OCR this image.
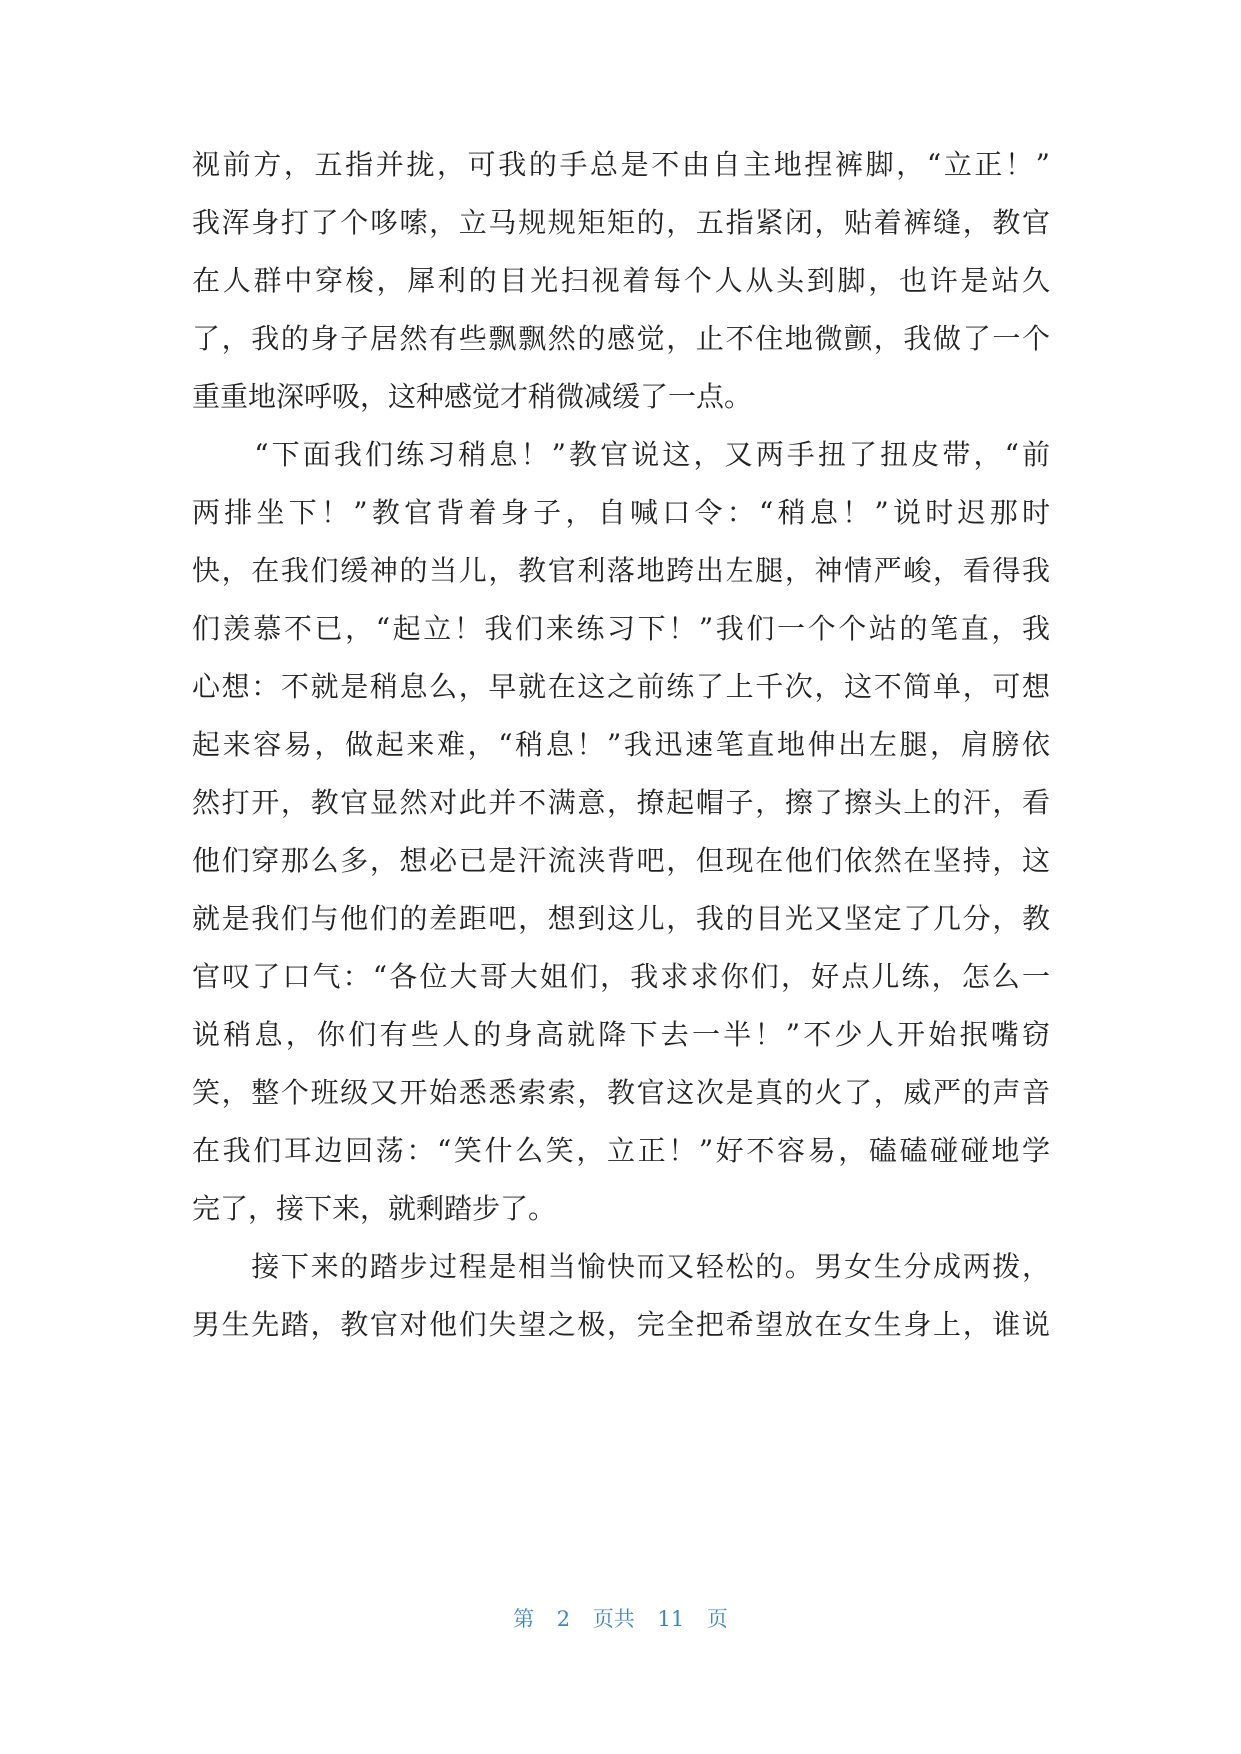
视前方，五指并拢，可我的手总是不由自主地捏裤脚，“立正！”
我浑身打了个哆嗦，立马规规矩矩的，五指紧闭，贴着裤缝，教官
在人群中穿梭，犀利的目光扫视着每个人从头到脚，也许是站久
了，我的身子居然有些飘飘然的感觉，止不住地微颤，我做了一个
重重地深呼吸，这种感觉才稍微减缓了一点。
　　“下面我们练习稍息！”教官说这，又两手扭了扭皮带，“前
两排坐下！”教官背着身子，自喊口令：“稍息！”说时迟那时
快，在我们缓神的当儿，教官利落地跨出左腿，神情严峻，看得我
们羡慕不已，“起立！我们来练习下！”我们一个个站的笔直，我
心想：不就是稍息么，早就在这之前练了上千次，这不简单，可想
起来容易，做起来难，“稍息！”我迅速笔直地伸出左腿，肩膀依
然打开，教官显然对此并不满意，撩起帽子，擦了擦头上的汗，看
他们穿那么多，想必已是汗流浃背吧，但现在他们依然在坚持，这
就是我们与他们的差距吧，想到这儿，我的目光又坚定了几分，教
官叹了口气：“各位大哥大姐们，我求求你们，好点儿练，怎么一
说稍息，你们有些人的身高就降下去一半！”不少人开始抿嘴窃
笑，整个班级又开始悉悉索索，教官这次是真的火了，威严的声音
在我们耳边回荡：“笑什么笑，立正！”好不容易，磕磕碰碰地学
完了，接下来，就剩踏步了。
　　接下来的踏步过程是相当愉快而又轻松的。男女生分成两拨，
男生先踏，教官对他们失望之极，完全把希望放在女生身上，谁说
第 2 页共 11 页
